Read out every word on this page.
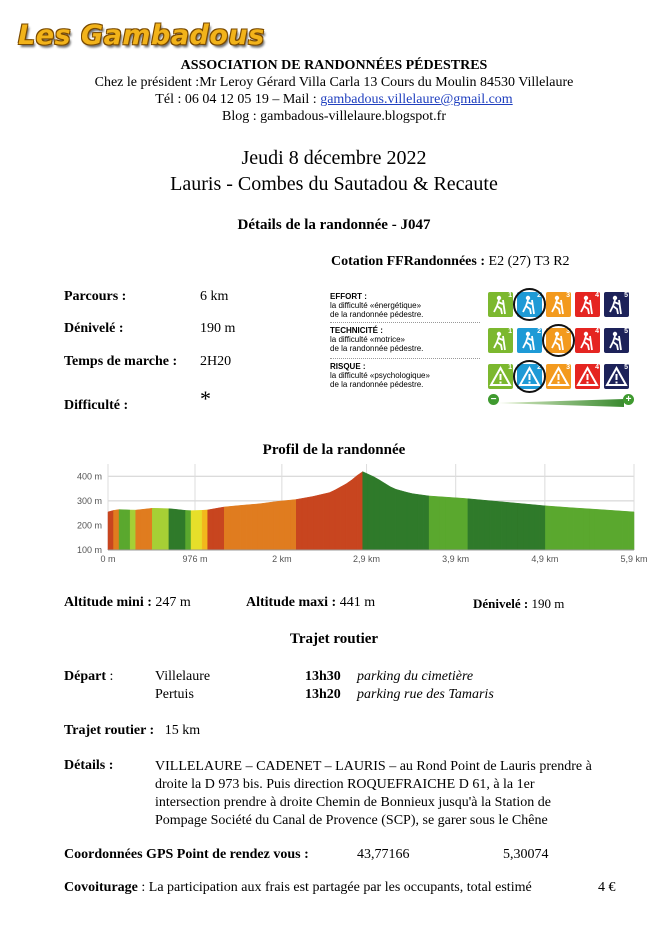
Les Gambadous
ASSOCIATION DE RANDONNÉES PÉDESTRES
Chez le président :Mr Leroy Gérard Villa Carla 13 Cours du Moulin 84530 Villelaure
Tél : 06 04 12 05 19 – Mail : gambadous.villelaure@gmail.com
Blog : gambadous-villelaure.blogspot.fr
Jeudi 8 décembre 2022
Lauris - Combes du Sautadou & Recaute
Détails de la randonnée - J047
Cotation FFRandonnées : E2 (27) T3 R2
Parcours :	6 km
Dénivelé :	190 m
Temps de marche : 2H20
Difficulté :	*
EFFORT :
la difficulté «énergétique»
de la randonnée pédestre.
TECHNICITÉ :
la difficulté «motrice»
de la randonnée pédestre.
RISQUE :
la difficulté «psychologique»
de la randonnée pédestre.
1	2	3	4	5
1	2	3	4	5
1	2	3	4	5
−	+
Profil de la randonnée
400 m
300 m
200 m
100 m
0 m	976 m	2 km	2,9 km	3,9 km	4,9 km	5,9 km
Altitude mini : 247 m	Altitude maxi : 441 m	Dénivelé : 190 m
Trajet routier
Départ :	Villelaure	13h30 parking du cimetière
Pertuis	13h20 parking rue des Tamaris
Trajet routier : 15 km
Détails :	VILLELAURE – CADENET – LAURIS – au Rond Point de Lauris prendre à
droite la D 973 bis. Puis direction ROQUEFRAICHE D 61, à la 1er
intersection prendre à droite Chemin de Bonnieux jusqu'à la Station de
Pompage Société du Canal de Provence (SCP), se garer sous le Chêne
Coordonnées GPS Point de rendez vous :	43,77166	5,30074
Covoiturage : La participation aux frais est partagée par les occupants, total estimé	4 €
